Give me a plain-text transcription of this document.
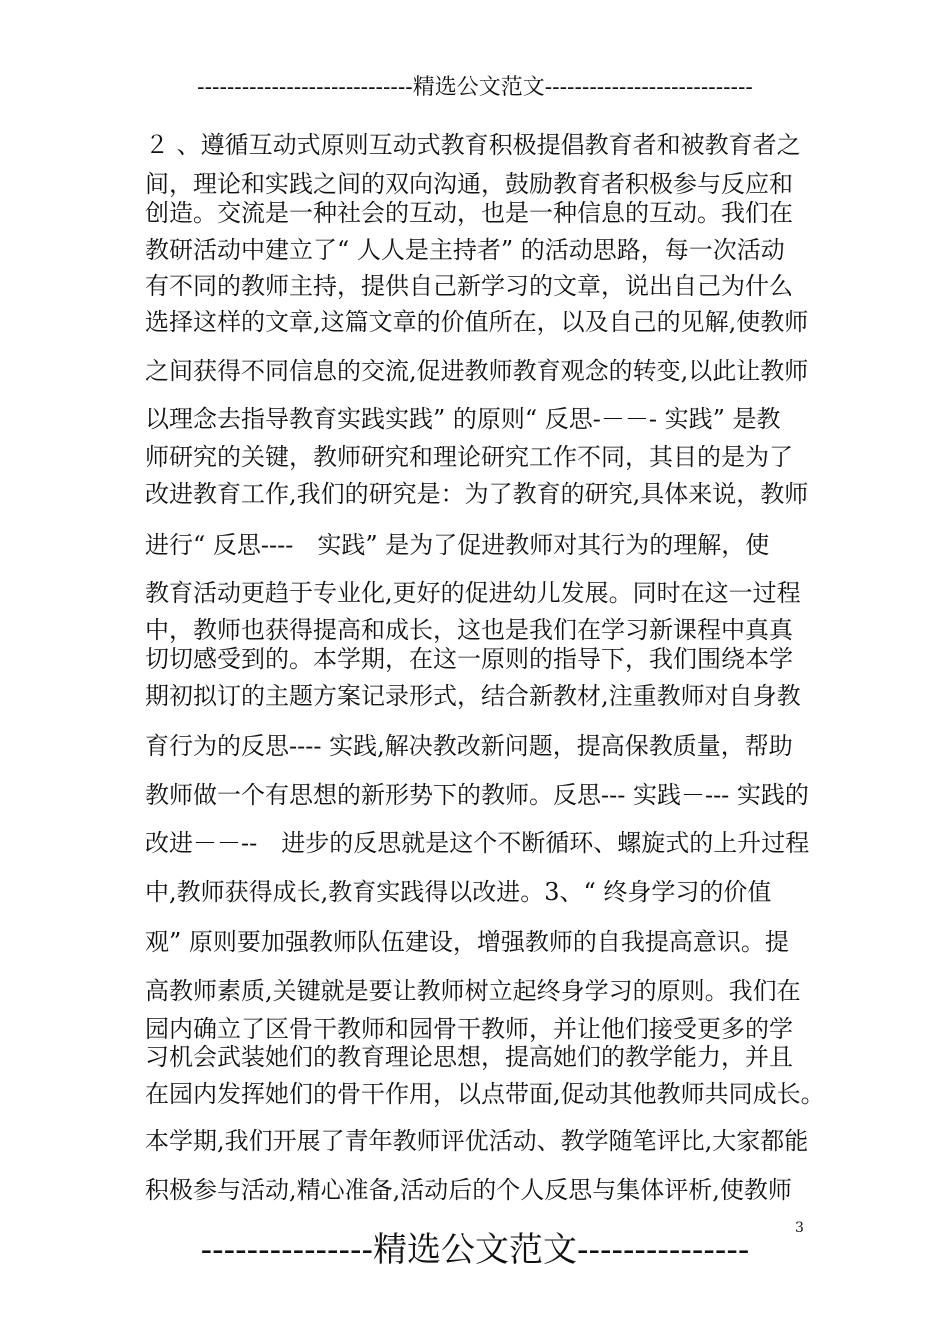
-----------------------------精选公文范文----------------------------
２ 、遵循互动式原则互动式教育积极提倡教育者和被教育者之
间，理论和实践之间的双向沟通，鼓励教育者积极参与反应和
创造。交流是一种社会的互动，也是一种信息的互动。我们在
教研活动中建立了“ 人人是主持者” 的活动思路，每一次活动
有不同的教师主持，提供自己新学习的文章，说出自己为什么
选择这样的文章,这篇文章的价值所在，以及自己的见解,使教师
之间获得不同信息的交流,促进教师教育观念的转变,以此让教师
以理念去指导教育实践实践” 的原则“ 反思-－－- 实践” 是教
师研究的关键，教师研究和理论研究工作不同，其目的是为了
改进教育工作,我们的研究是：为了教育的研究,具体来说，教师
进行“ 反思----　实践” 是为了促进教师对其行为的理解，使
教育活动更趋于专业化,更好的促进幼儿发展。同时在这一过程
中，教师也获得提高和成长，这也是我们在学习新课程中真真
切切感受到的。本学期，在这一原则的指导下，我们围绕本学
期初拟订的主题方案记录形式，结合新教材,注重教师对自身教
育行为的反思---- 实践,解决教改新问题，提高保教质量，帮助
教师做一个有思想的新形势下的教师。反思--- 实践－--- 实践的
改进－－--　进步的反思就是这个不断循环、螺旋式的上升过程
中,教师获得成长,教育实践得以改进。3、“ 终身学习的价值
观” 原则要加强教师队伍建设，增强教师的自我提高意识。提
高教师素质,关键就是要让教师树立起终身学习的原则。我们在
园内确立了区骨干教师和园骨干教师，并让他们接受更多的学
习机会武装她们的教育理论思想，提高她们的教学能力，并且
在园内发挥她们的骨干作用，以点带面,促动其他教师共同成长。
本学期,我们开展了青年教师评优活动、教学随笔评比,大家都能
积极参与活动,精心准备,活动后的个人反思与集体评析,使教师
---------------精选公文范文---------------
3
